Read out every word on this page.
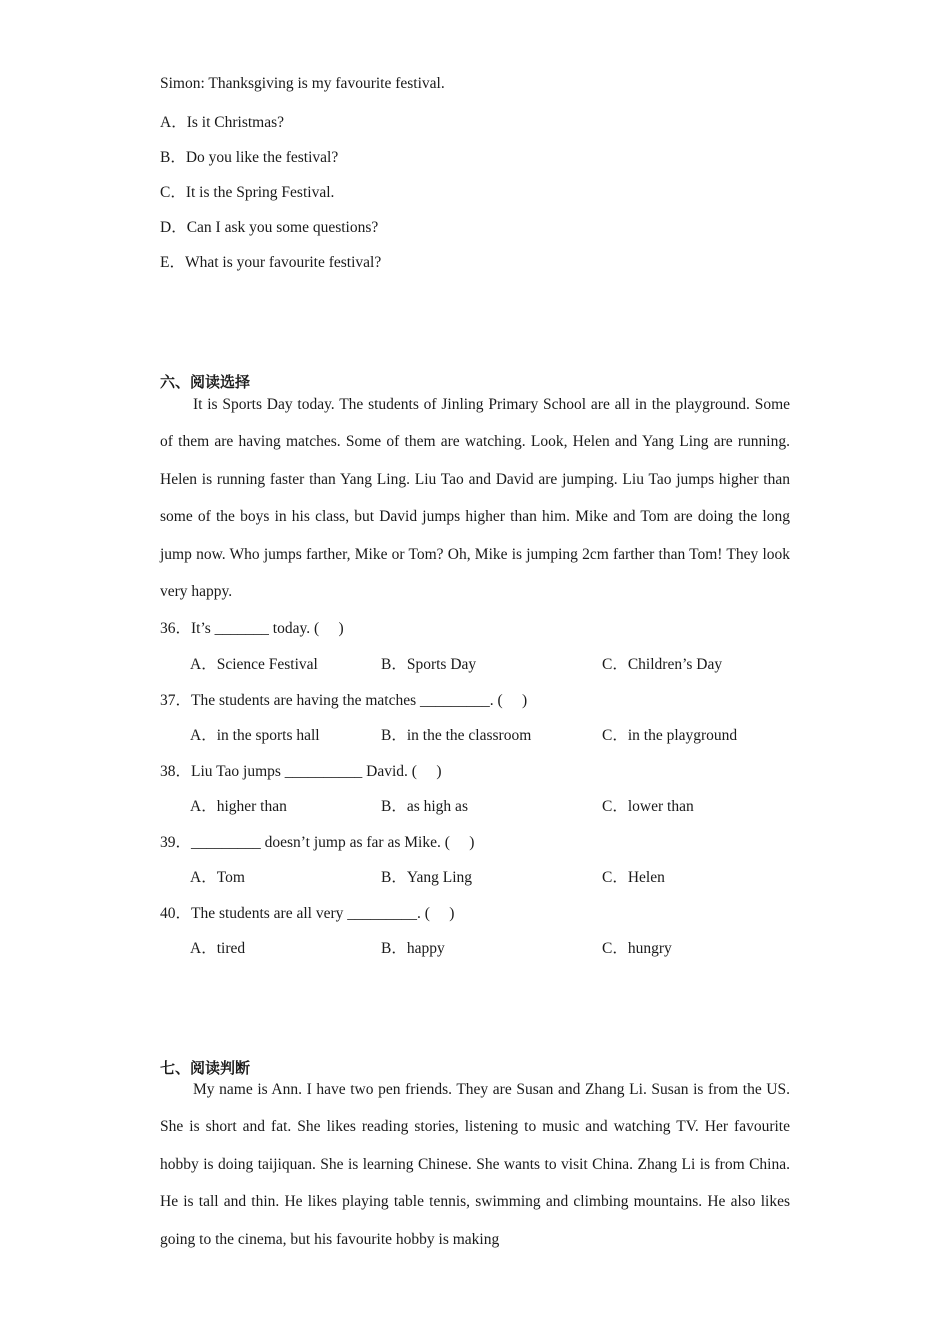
Simon: Thanksgiving is my favourite festival.
A．Is it Christmas?
B．Do you like the festival?
C．It is the Spring Festival.
D．Can I ask you some questions?
E．What is your favourite festival?
六、阅读选择

It is Sports Day today. The students of Jinling Primary School are all in the playground. Some of them are having matches. Some of them are watching. Look, Helen and Yang Ling are running. Helen is running faster than Yang Ling. Liu Tao and David are jumping. Liu Tao jumps higher than some of the boys in his class, but David jumps higher than him. Mike and Tom are doing the long jump now. Who jumps farther, Mike or Tom? Oh, Mike is jumping 2cm farther than Tom! They look very happy.

36．It’s _______ today. (　 )
A．Science Festival	B．Sports Day	C．Children’s Day
37．The students are having the matches _________. (　 )
A．in the sports hall	B．in the the classroom	C．in the playground
38．Liu Tao jumps __________ David. (　 )
A．higher than	B．as high as	C．lower than
39．_________ doesn’t jump as far as Mike. (　 )
A．Tom	B．Yang Ling	C．Helen
40．The students are all very _________. (　 )
A．tired	B．happy	C．hungry
七、阅读判断

My name is Ann. I have two pen friends. They are Susan and Zhang Li. Susan is from the US. She is short and fat. She likes reading stories, listening to music and watching TV. Her favourite hobby is doing taijiquan. She is learning Chinese. She wants to visit China. Zhang Li is from China. He is tall and thin. He likes playing table tennis, swimming and climbing mountains. He also likes going to the cinema, but his favourite hobby is making
